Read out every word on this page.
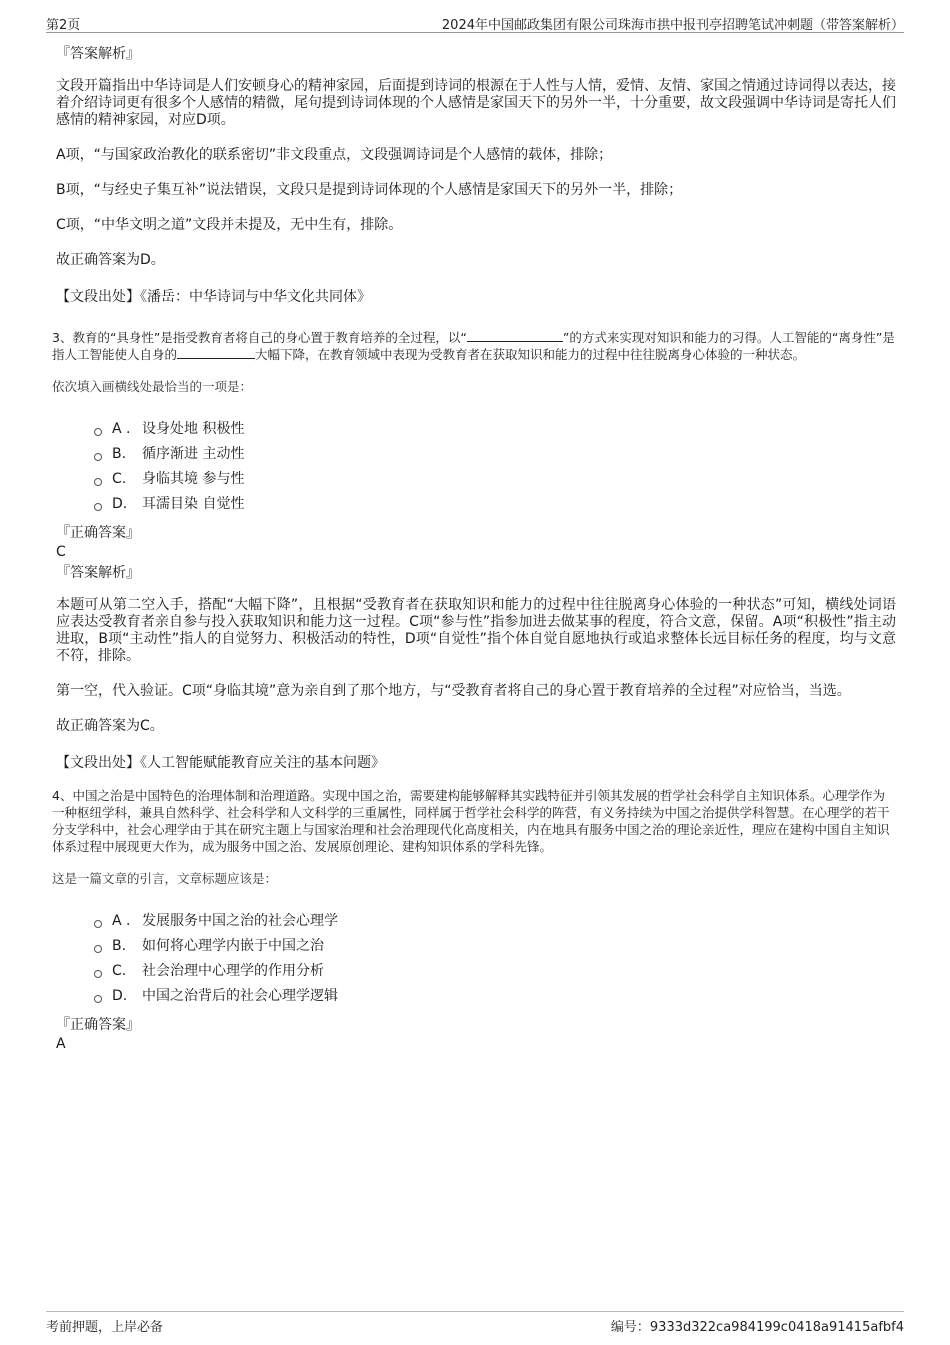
第2页	2024年中国邮政集团有限公司珠海市拱中报刊亭招聘笔试冲刺题（带答案解析）
『答案解析』

文段开篇指出中华诗词是人们安顿身心的精神家园，后面提到诗词的根源在于人性与人情，爱情、友情、家国之情通过诗词得以表达，接着介绍诗词更有很多个人感情的精微，尾句提到诗词体现的个人感情是家国天下的另外一半，十分重要，故文段强调中华诗词是寄托人们感情的精神家园，对应D项。

A项，“与国家政治教化的联系密切”非文段重点，文段强调诗词是个人感情的载体，排除；

B项，“与经史子集互补”说法错误，文段只是提到诗词体现的个人感情是家国天下的另外一半，排除；

C项，“中华文明之道”文段并未提及，无中生有，排除。

故正确答案为D。

【文段出处】《潘岳：中华诗词与中华文化共同体》
3、教育的“具身性”是指受教育者将自己的身心置于教育培养的全过程，以“	”的方式来实现对知识和能力的习得。人工智能的“离身性”是指人工智能使人自身的	大幅下降，在教育领域中表现为受教育者在获取知识和能力的过程中往往脱离身心体验的一种状态。
依次填入画横线处最恰当的一项是：
A . 设身处地 积极性
B.	循序渐进 主动性
C.	身临其境 参与性
D.	耳濡目染 自觉性
『正确答案』
C
『答案解析』

本题可从第二空入手，搭配“大幅下降”，且根据“受教育者在获取知识和能力的过程中往往脱离身心体验的一种状态”可知，横线处词语应表达受教育者亲自参与投入获取知识和能力这一过程。C项“参与性”指参加进去做某事的程度，符合文意，保留。A项“积极性”指主动进取，B项“主动性”指人的自觉努力、积极活动的特性，D项“自觉性”指个体自觉自愿地执行或追求整体长远目标任务的程度，均与文意不符，排除。

第一空，代入验证。C项“身临其境”意为亲自到了那个地方，与“受教育者将自己的身心置于教育培养的全过程”对应恰当，当选。

故正确答案为C。

【文段出处】《人工智能赋能教育应关注的基本问题》
4、中国之治是中国特色的治理体制和治理道路。实现中国之治，需要建构能够解释其实践特征并引领其发展的哲学社会科学自主知识体系。心理学作为一种枢纽学科，兼具自然科学、社会科学和人文科学的三重属性，同样属于哲学社会科学的阵营，有义务持续为中国之治提供学科智慧。在心理学的若干分支学科中，社会心理学由于其在研究主题上与国家治理和社会治理现代化高度相关，内在地具有服务中国之治的理论亲近性，理应在建构中国自主知识体系过程中展现更大作为，成为服务中国之治、发展原创理论、建构知识体系的学科先锋。
这是一篇文章的引言，文章标题应该是：
A . 发展服务中国之治的社会心理学
B.	如何将心理学内嵌于中国之治
C.	社会治理中心理学的作用分析
D.	中国之治背后的社会心理学逻辑
『正确答案』
A
考前押题，上岸必备	编号：9333d322ca984199c0418a91415afbf4
